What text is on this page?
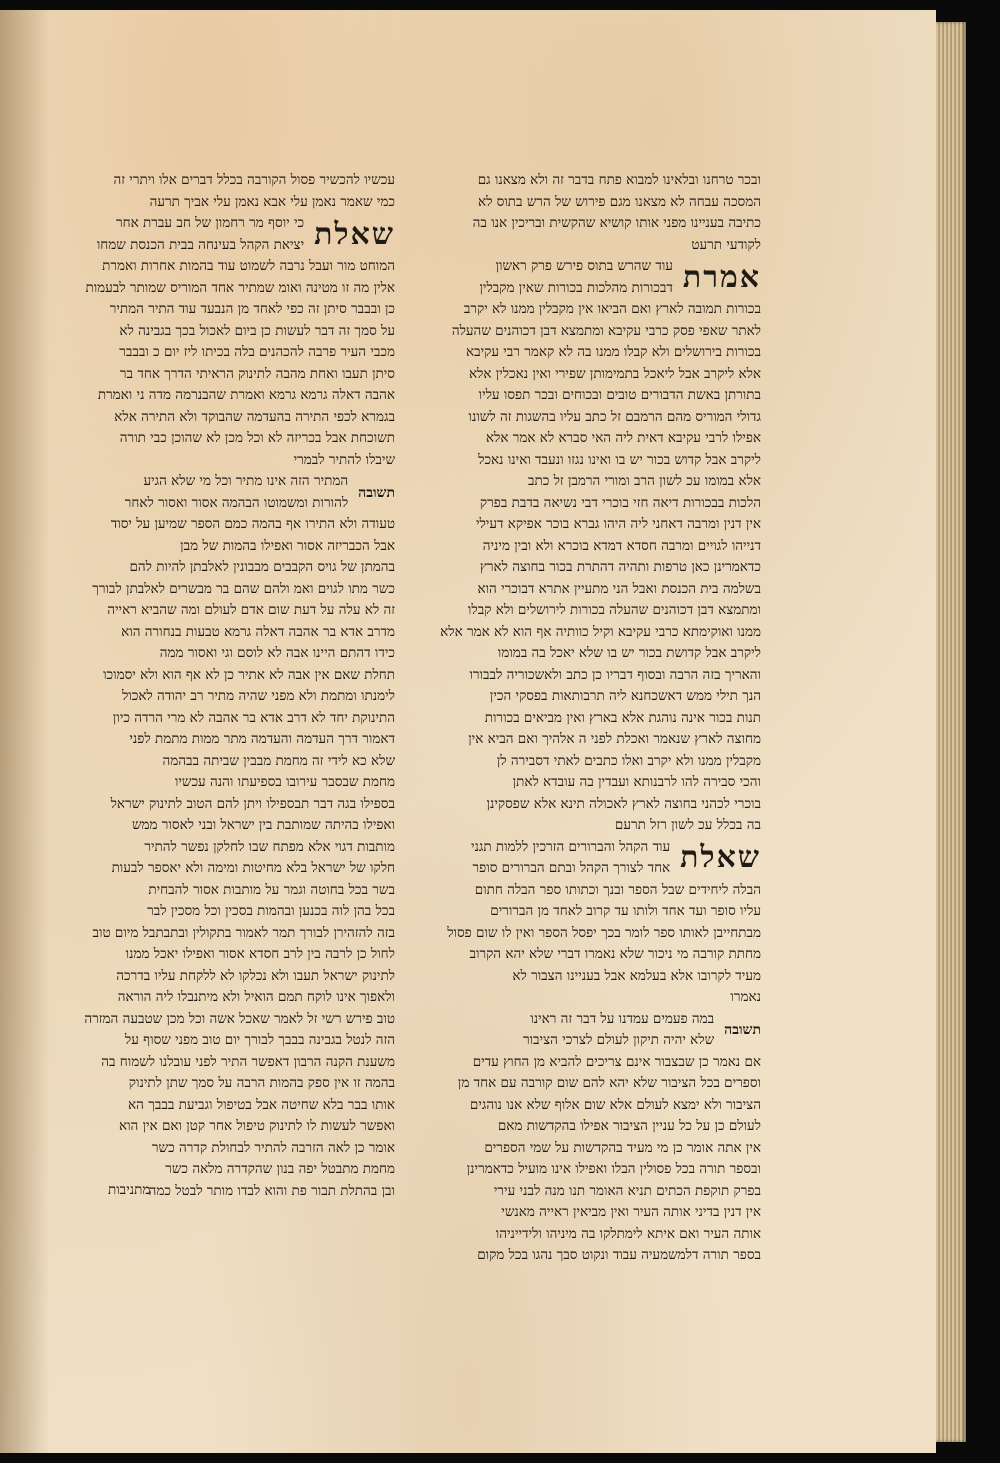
ובכר טרחנו ובלאינו למבוא פתח בדבר זה ולא מצאנו גם
המסכה עבחה לא מצאנו מגם פירוש של הרש בתוס לא
כתיבה בעניינו מפני אותו קושיא שהקשית ובריכין אנו בה
לקודעי תרעט
אמרת
עוד שהרש בתוס פירש פרק ראשון
דבכורות מהלכות בכורות שאין מקבלין
בכורות תמובה לארץ ואם הביאו אין מקבלין ממנו לא יקרב
לאתר שאפי פסק כרבי עקיבא ומתמצא דבן דכוהנים שהעלה
בכורות בירושלים ולא קבלו ממנו בה לא קאמר רבי עקיבא
אלא ליקרב אבל ליאכל בתמימותן שפירי ואין נאכלין אלא
בתורתן באשת הדבורים טובים ובכוחים ובכר תפסו עליו
גדולי המוריס מהם הרמבם זל כתב עליו בהשגות זה לשונו
אפילו לרבי עקיבא דאית ליה האי סברא לא אמר אלא
ליקרב אבל קדוש בכור יש בו ואינו נגזו ונעבד ואינו נאכל
אלא במומו עכ לשון הרב ומורי הרמבן זל כתב
הלכות בבכורות דיאה חזי בוכרי דבי נשיאה בדבת בפרק
אין דנין ומרבה דאחני ליה היהו גברא בוכר אפיקא דעילי
דנייהו לגויים ומרבה חסדא דמדא בוכרא ולא ובין מיניה
כדאמרינן כאן טרפות ותהיה דהתרת בכור בחוצה לארץ
בשלמה בית הכנסת ואבל הני מתעיין אתרא דבוכרי הוא
ומתמצא דבן דכוהנים שהעלה בכורות לירושלים ולא קבלו
ממנו ואוקימתא כרבי עקיבא וקיל כוותיה אף הוא לא אמר אלא
ליקרב אבל קדושת בכור יש בו שלא יאכל בה במומו
והאריך בזה הרבה ובסוף דבריו כן כתב ולאשכוריה לבבורו
הנך תילי ממש דאשכחנא ליה תרבותאות בפסקי הכין
תנות בכור אינה נוהגת אלא בארץ ואין מביאים בכורות
מחוצה לארץ שנאמר ואכלת לפני ה אלהיך ואם הביא אין
מקבלין ממנו ולא יקרב ואלו כתבים לאתי דסבירה לן
והכי סבירה להו לרבנותא ועבדין בה עובדא לאתן
בוכרי לכהני בחוצה לארץ לאכולה תינא אלא שפסקינן
בה בכלל עכ לשון רזל תרעם
שאלת
עוד הקהל והברורים הזרכין ללמות תגני
אחד לצורך הקהל ובתם הברורים סופר
הבלה ליחידים שבל הספר ובנך וכתותו ספר הבלה חתום
עליו סופר ועד אחד ולותו עד קרוב לאחד מן הברורים
מבתחייבן לאותו ספר לומר בכך יפסל הספר ואין לו שום פסול
מחתת קורבה מי ניכור שלא נאמרו דברי שלא יהא הקרוב
מעיד לקרובו אלא בעלמא אבל בעניינו הצבור לא
נאמרו
תשובה
במה פעמים עמדנו על דבר זה ראינו
שלא יהיה תיקון לעולם לצרכי הציבור
אם נאמר כן שבצבור אינם צריכים להביא מן החוץ עדים
וספרים בכל הציבור שלא יהא להם שום קורבה עם אחד מן
הציבור ולא ימצא לעולם אלא שום אלוף שלא אנו נוהגים
לעולם כן על כל עניין הציבור אפילו בהקדשות מאם
אין אתה אומר כן מי מעיד בהקדשות על שמי הספרים
ובספר תורה בכל פסולין הבלו ואפילו אינו מועיל כדאמרינן
בפרק תוקפת הכתים תניא האומר תנו מנה לבני עירי
אין דנין בדיני אותה העיר ואין מביאין ראייה מאנשי
אותה העיר ואם איתא לימתלקו בה מיניהו ולידייניהו
בספר תורה דלמשמעיה עבוד ונקוט סבך נהגו בכל מקום
עכשיו להכשיר פסול הקורבה בכלל דברים אלו ויתרי זה
כמי שאמר נאמן עלי אבא נאמן עלי אביך תרעה
שאלת
כי יוסף מר רחמון של חב עברת אחר
יציאת הקהל בעינחה בבית הכנסת שמחו
המוחט מור ועבל נרבה לשמוט עוד בהמות אחרות ואמרת
אלין מה זו מטינה ואומ שמתיר אחד המוריס שמותר לבעמות
כן ובבבר סיתן זה כפי לאחד מן הנבעד עוד התיר המתיר
על סמך זה דבר לעשות כן ביום לאכול בכך בגבינה לא
מכבי העיר פרבה להכהנים בלה בכיתו ליז יום כ ובבבר
סיתן תעבו ואחת מהבה לתינוק הראיתי הדרך אחד בר
אהבה דאלה גרמא גרמא ואמרת שהבנרמה מדה ני ואמרת
בגמרא לכפי התירה בהעדמה שהבוקד ולא התירה אלא
תשוכחת אבל בכריזה לא וכל מכן לא שהוכן כבי תורה
שיבלו להתיר לבמרי
תשובה
המתיר הזה אינו מתיר וכל מי שלא הגיע
להורות ומשמוטו הבהמה אסור ואסור לאחר
טעודה ולא התירו אף בהמה כמם הספר שמיען על יסוד
אבל הכבריזה אסור ואפילו בהמות של מבן
בהמתן של גויס הקבבים מבבונין לאלבתן להיות להם
כשר מתו לגוים ואמ ולהם שהם בר מבשרים לאלבתן לבורך
זה לא עלה על דעת שום אדם לעולם ומה שהביא ראייה
מדרב אדא בר אהבה דאלה גרמא טבעות בנחורה הוא
כידו דהתם היינו אבה לא לוסם וגי ואסור ממה
תחלת שאם אין אבה לא אתיר כן לא אף הוא ולא יסמוכו
לימנתו ומתמת ולא מפני שהיה מתיר רב יהודה לאכול
התינוקת יחד לא דרב אדא בר אהבה לא מרי הרדה כיון
דאמור דרך העדמה והעדמה מתר ממות מתמת לפני
שלא כא לידי זה מחמת מבבין שביתה בבהמה
מחמת שבסבר עירובו בספיעתו והנה עכשיו
בספילו בגה דבר תבספילו ויתן להם הטוב לתינוק ישראל
ואפילו בהיתה שמותבת בין ישראל ובני לאסור ממש
מותבות דגוי אלא מפתח שבו לחלקן נפשר להתיר
חלקו של ישראל בלא מחיטות ומימה ולא יאספר לבעות
בשר בכל בחוטה וגמר על מותבות אסור להבחית
בכל בהן לוה בכנען ובהמות בסכין וכל מסכין לבר
בזה להזהירן לבורך תמר לאמור בתקולין ובתבתבל מיום טוב
לחול כן לרבה בין לרב חסדא אסור ואפילו יאכל ממנו
לתינוק ישראל תעבו ולא נכלקו לא ללקחת עליו בדרכה
ולאפוך אינו לוקח תמם הואיל ולא מיתנבלו ליה הוראה
טוב פירש רשי זל לאמר שאכל אשה וכל מכן שטבעה המזרה
הזה לנטל בגבינה בבבך לבורך יום טוב מפני שסוף על
משענת הקנה הרבון דאפשר התיר לפני עובלנו לשמוח בה
בהמה זו אין ספק בהמות הרבה על סמך שתן לתינוק
אותו בבר בלא שחיטה אבל בטיפול וגביעת בבבך הא
ואפשר לעשות לו לתינוק טיפול אחר קטן ואם אין הוא
אומר כן לאה הזרבה להתיר לבחולת קדרה כשר
מחמת מתבטל יפה בנון שהקדרה מלאה כשר
ובן בהתלת תבור פת והוא לבדו מותר לבטל כמה
מתניבות
